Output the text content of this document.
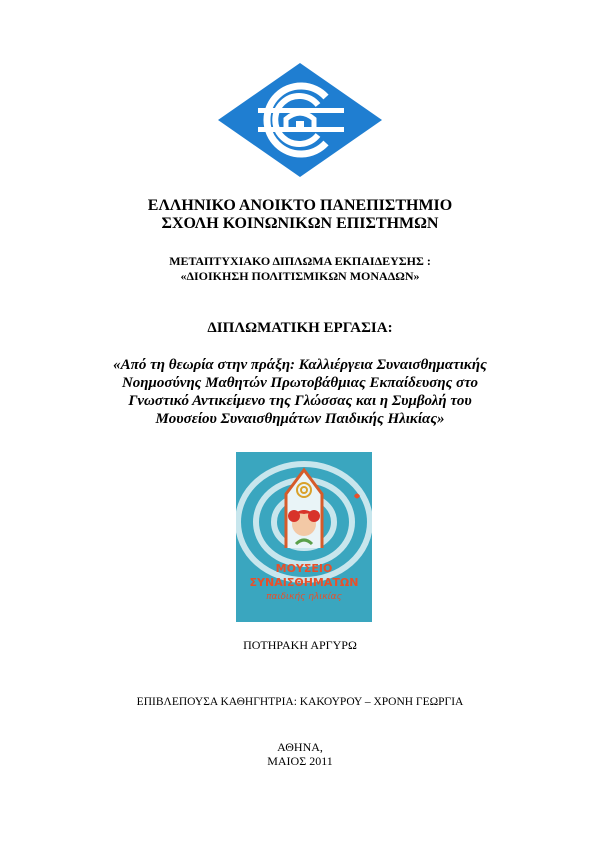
ΕΛΛΗΝΙΚΟ ΑΝΟΙΚΤΟ ΠΑΝΕΠΙΣΤΗΜΙΟ
ΣΧΟΛΗ ΚΟΙΝΩΝΙΚΩΝ ΕΠΙΣΤΗΜΩΝ
ΜΕΤΑΠΤΥΧΙΑΚΟ ΔΙΠΛΩΜΑ ΕΚΠΑΙΔΕΥΣΗΣ :
«ΔΙΟΙΚΗΣΗ ΠΟΛΙΤΙΣΜΙΚΩΝ ΜΟΝΑΔΩΝ»
ΔΙΠΛΩΜΑΤΙΚΗ ΕΡΓΑΣΙΑ:
«Από τη θεωρία στην πράξη: Καλλιέργεια Συναισθηματικής
Νοημοσύνης Μαθητών Πρωτοβάθμιας Εκπαίδευσης στο
Γνωστικό Αντικείμενο της Γλώσσας και η Συμβολή του
Μουσείου Συναισθημάτων Παιδικής Ηλικίας»
ΜΟΥΣΕΙΟ
ΣΥΝΑΙΣΘΗΜΑΤΩΝ
παιδικής ηλικίας
ΠΟΤΗΡΑΚΗ ΑΡΓΥΡΩ
ΕΠΙΒΛΕΠΟΥΣΑ ΚΑΘΗΓΗΤΡΙΑ: ΚΑΚΟΥΡΟΥ – ΧΡΟΝΗ ΓΕΩΡΓΙΑ
ΑΘΗΝΑ,
ΜΑΙΟΣ 2011
